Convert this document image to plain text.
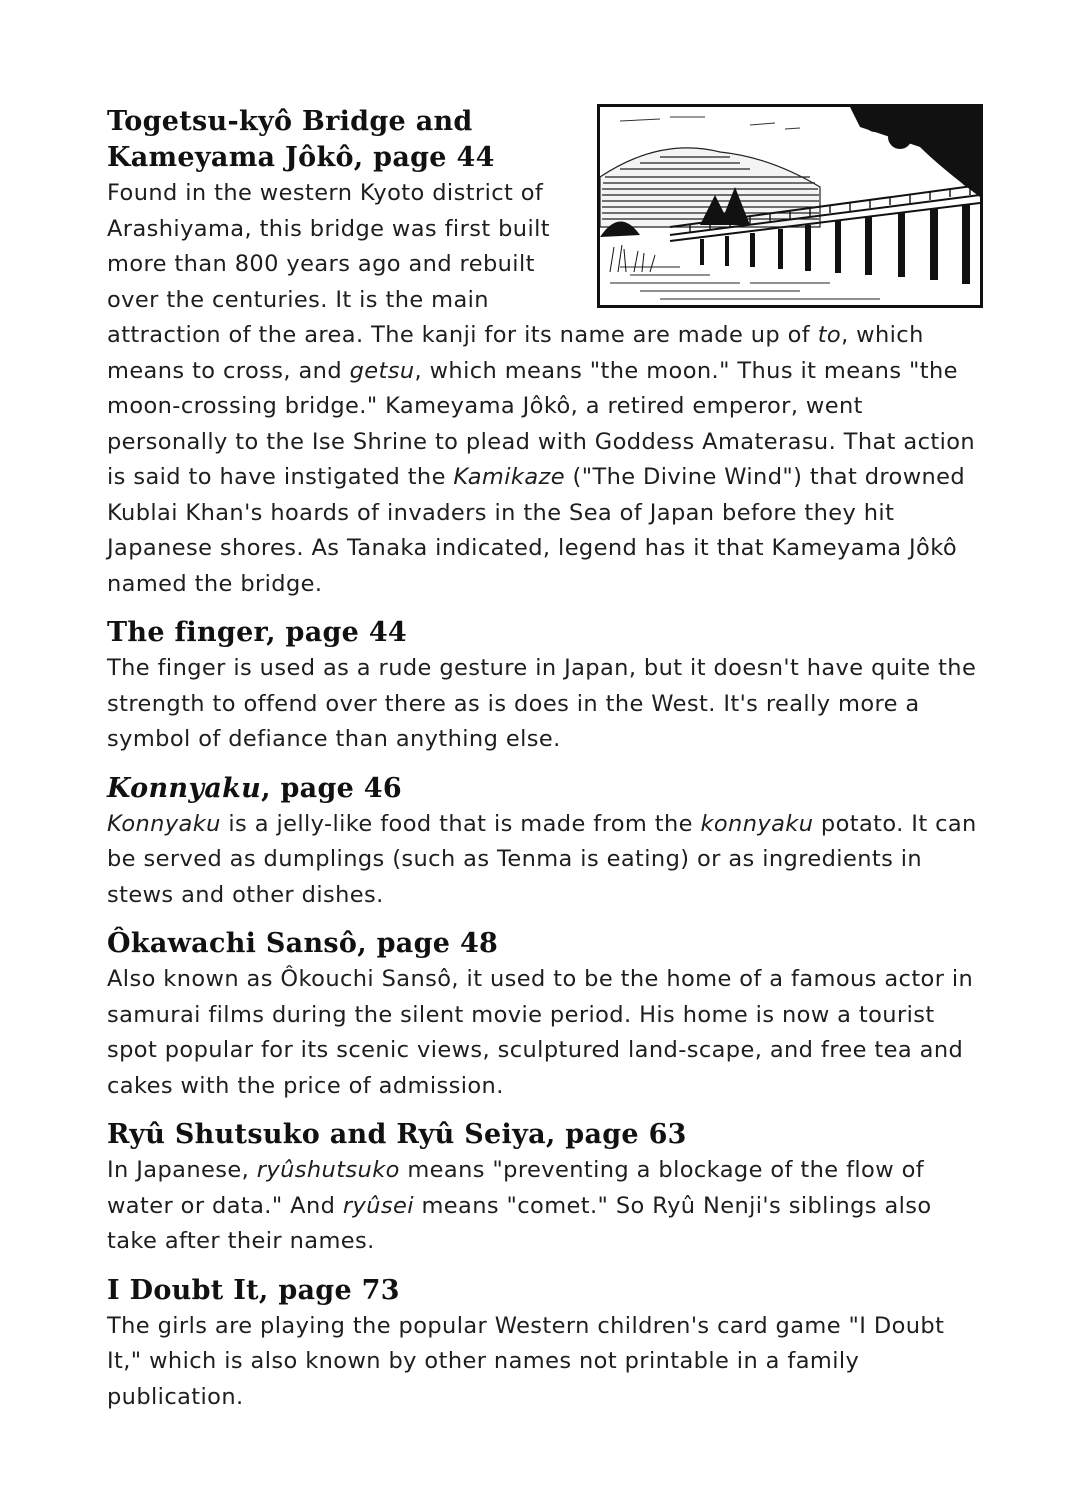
Togetsu-kyô Bridge and Kameyama Jôkô, page 44

Found in the western Kyoto district of Arashiyama, this bridge was first built more than 800 years ago and rebuilt over the centuries. It is the main attraction of the area. The kanji for its name are made up of to, which means to cross, and getsu, which means "the moon." Thus it means "the moon-crossing bridge." Kameyama Jôkô, a retired emperor, went personally to the Ise Shrine to plead with Goddess Amaterasu. That action is said to have instigated the Kamikaze ("The Divine Wind") that drowned Kublai Khan's hoards of invaders in the Sea of Japan before they hit Japanese shores. As Tanaka indicated, legend has it that Kameyama Jôkô named the bridge.

The finger, page 44

The finger is used as a rude gesture in Japan, but it doesn't have quite the strength to offend over there as is does in the West. It's really more a symbol of defiance than anything else.

Konnyaku, page 46

Konnyaku is a jelly-like food that is made from the konnyaku potato. It can be served as dumplings (such as Tenma is eating) or as ingredients in stews and other dishes.

Ôkawachi Sansô, page 48

Also known as Ôkouchi Sansô, it used to be the home of a famous actor in samurai films during the silent movie period. His home is now a tourist spot popular for its scenic views, sculptured land-scape, and free tea and cakes with the price of admission.

Ryû Shutsuko and Ryû Seiya, page 63

In Japanese, ryûshutsuko means "preventing a blockage of the flow of water or data." And ryûsei means "comet." So Ryû Nenji's siblings also take after their names.

I Doubt It, page 73

The girls are playing the popular Western children's card game "I Doubt It," which is also known by other names not printable in a family publication.
